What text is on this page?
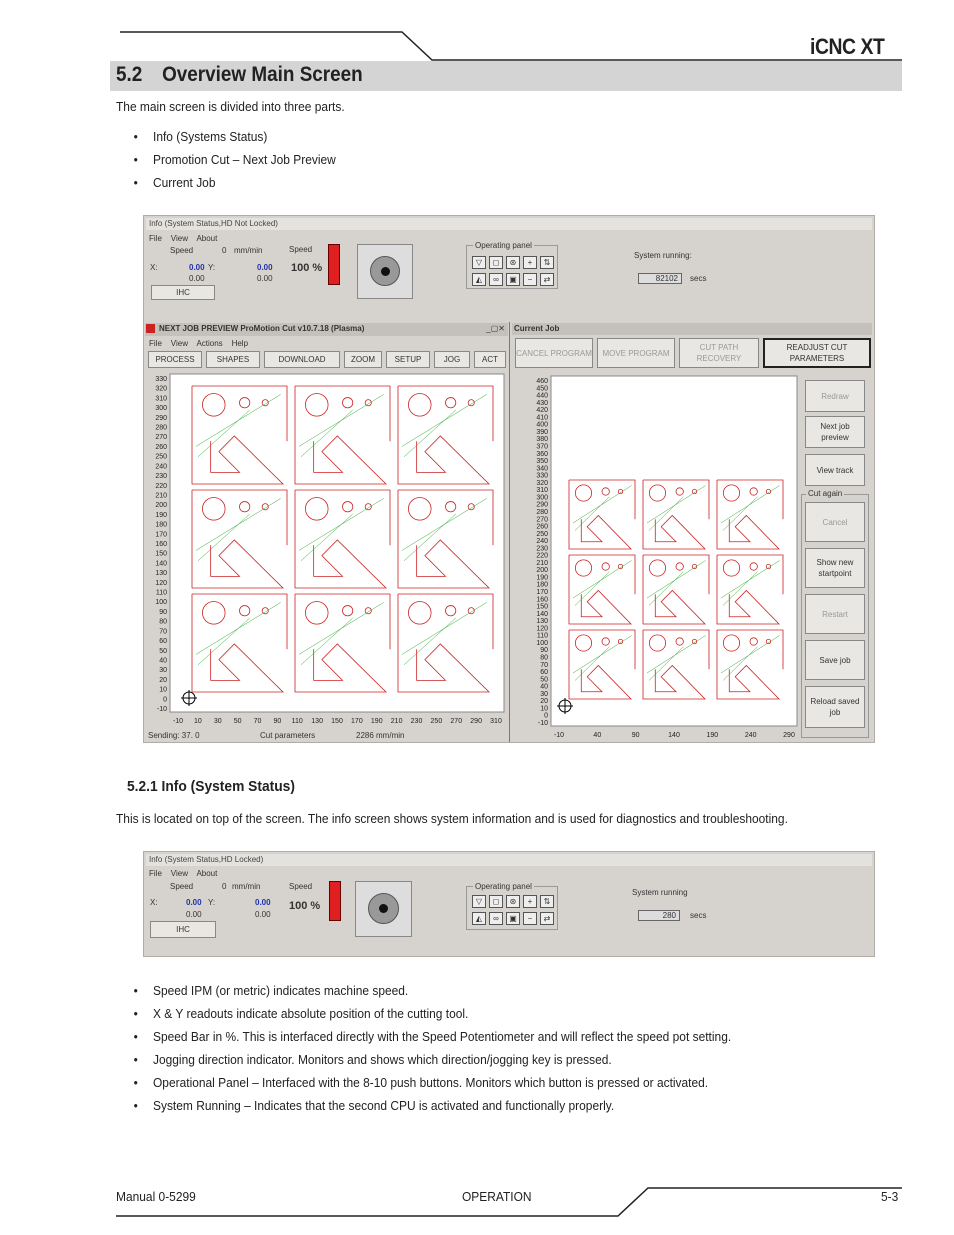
iCNC XT
5.2 Overview Main Screen
The main screen is divided into three parts.
• Info (Systems Status)
• Promotion Cut – Next Job Preview
• Current Job
Info (System Status,HD Not Locked)
File View About
Speed	0 mm/min
X:	0.00 Y:	0.00
0.00	0.00
IHC
Speed
100 %
Operating panel
▽	◻	⊛	+	⇅
◭	∞	▣	−	⇄
System running:
82102	secs
NEXT JOB PREVIEW ProMotion Cut v10.7.18 (Plasma)	_▢✕
File View Actions Help
PROCESS	SHAPES	DOWNLOAD	ZOOM	SETUP	JOG	ACT
330
320
310
300
290
280
270
260
250
240
230
220
210
200
190
180
170
160
150
140
130
120
110
100
90
80
70
60
50
40
30
20
10
0
-10
-10 10 30 50 70 90 110 130 150 170 190 210 230 250 270 290 310
Sending: 37. 0	Cut parameters	2286 mm/min
Current Job
CANCEL PROGRAM	MOVE PROGRAM
CUT PATH RECOVERY
READJUST CUT PARAMETERS
460
450
440
430
420
410
400
390
380
370
360
350
340
330
320
310
300
290
280
270
260
250
240
230
220
210
200
190
180
170
160
150
140
130
120
110
100
90
80
70
60
50
40
30
20
10
0
-10
-10	40	90	140	190	240	290
Redraw
Next job preview
View track
Cut again
Cancel
Show new startpoint
Restart
Save job
Reload saved job
5.2.1 Info (System Status)
This is located on top of the screen. The info screen shows system information and is used for diagnostics and troubleshooting.
Info (System Status,HD Locked)
File View About
Speed	0 mm/min
X:	0.00 Y:	0.00
0.00	0.00
IHC
Speed
100 %
Operating panel
▽	◻	⊛	+	⇅
◭	∞	▣	−	⇄
System running
280	secs
• Speed IPM (or metric) indicates machine speed.
• X & Y readouts indicate absolute position of the cutting tool.
• Speed Bar in %. This is interfaced directly with the Speed Potentiometer and will reflect the speed pot setting.
• Jogging direction indicator. Monitors and shows which direction/jogging key is pressed.
• Operational Panel – Interfaced with the 8-10 push buttons. Monitors which button is pressed or activated.
• System Running – Indicates that the second CPU is activated and functionally properly.
Manual 0-5299	OPERATION	5-3
